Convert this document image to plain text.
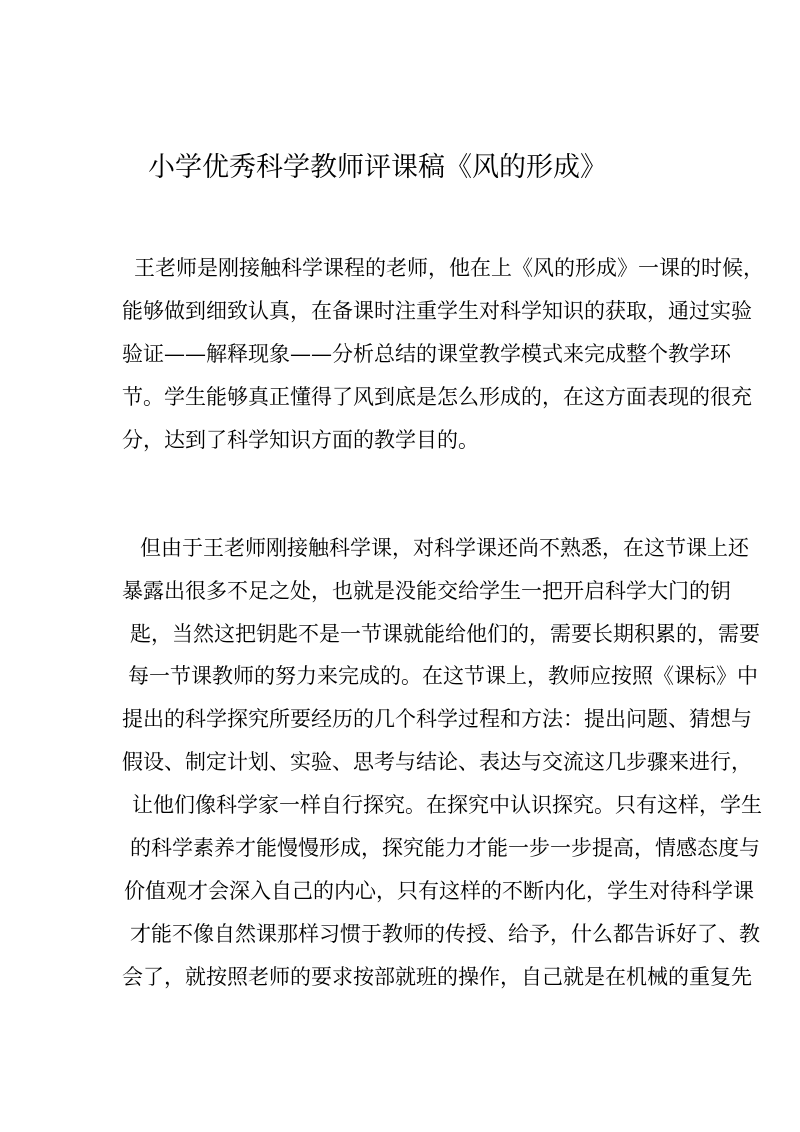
小学优秀科学教师评课稿《风的形成》

王老师是刚接触科学课程的老师，他在上《风的形成》一课的时候，

能够做到细致认真，在备课时注重学生对科学知识的获取，通过实验

验证——解释现象——分析总结的课堂教学模式来完成整个教学环

节。学生能够真正懂得了风到底是怎么形成的，在这方面表现的很充

分，达到了科学知识方面的教学目的。

但由于王老师刚接触科学课，对科学课还尚不熟悉，在这节课上还

暴露出很多不足之处，也就是没能交给学生一把开启科学大门的钥

匙，当然这把钥匙不是一节课就能给他们的，需要长期积累的，需要

每一节课教师的努力来完成的。在这节课上，教师应按照《课标》中

提出的科学探究所要经历的几个科学过程和方法：提出问题、猜想与

假设、制定计划、实验、思考与结论、表达与交流这几步骤来进行，

让他们像科学家一样自行探究。在探究中认识探究。只有这样，学生

的科学素养才能慢慢形成，探究能力才能一步一步提高，情感态度与

价值观才会深入自己的内心，只有这样的不断内化，学生对待科学课

才能不像自然课那样习惯于教师的传授、给予，什么都告诉好了、教

会了，就按照老师的要求按部就班的操作，自己就是在机械的重复先
